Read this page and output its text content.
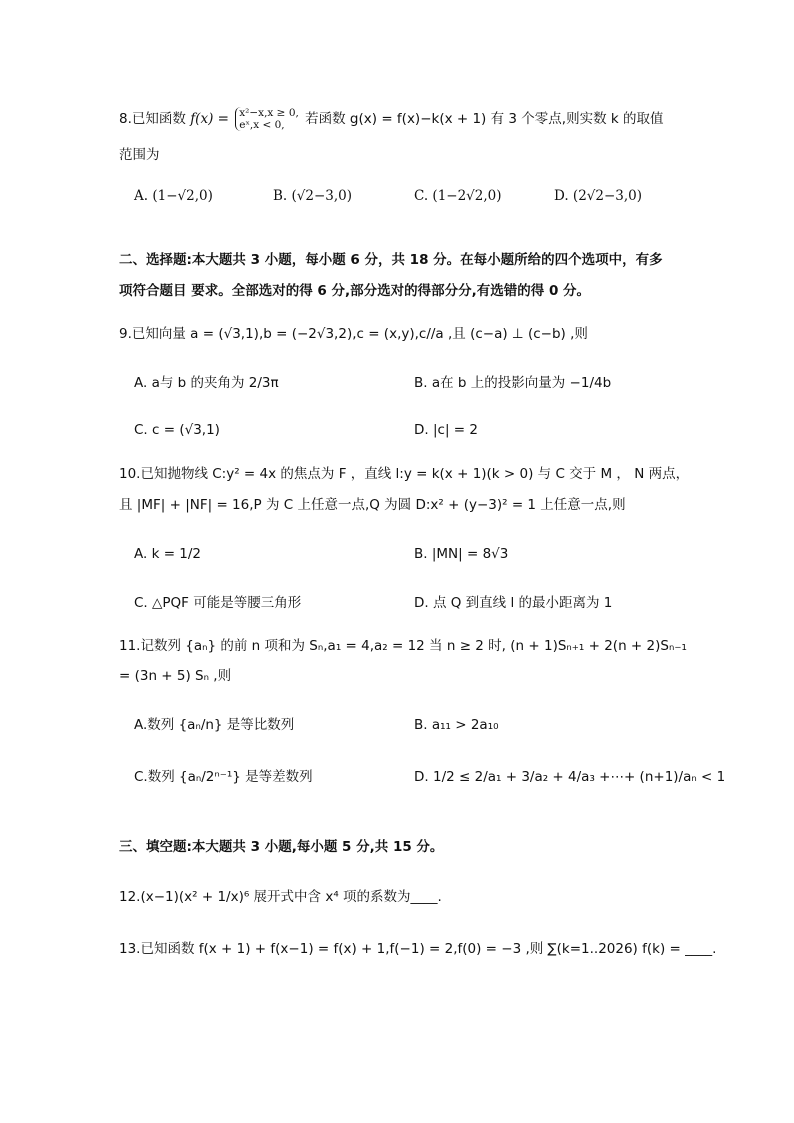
8.已知函数 f(x) = x²−x,x ≥ 0,
eˣ,x < 0,	若函数 g(x) = f(x)−k(x + 1) 有 3 个零点,则实数 k 的取值
范围为
A. (1−√2,0)	B. (√2−3,0)	C. (1−2√2,0)	D. (2√2−3,0)
二、选择题:本大题共 3 小题，每小题 6 分，共 18 分。在每小题所给的四个选项中，有多
项符合题目 要求。全部选对的得 6 分,部分选对的得部分分,有选错的得 0 分。
9.已知向量 a = (√3,1),b = (−2√3,2),c = (x,y),c//a ,且 (c−a) ⊥ (c−b) ,则
A. a与 b 的夹角为 2/3π	B. a在 b 上的投影向量为 −1/4b
C. c = (√3,1)	D. |c| = 2
10.已知抛物线 C:y² = 4x 的焦点为 F ，直线 l:y = k(x + 1)(k > 0) 与 C 交于 M ， N 两点，
且 |MF| + |NF| = 16,P 为 C 上任意一点,Q 为圆 D:x² + (y−3)² = 1 上任意一点,则
A. k = 1/2	B. |MN| = 8√3
C. △PQF 可能是等腰三角形	D. 点 Q 到直线 l 的最小距离为 1
11.记数列 {aₙ} 的前 n 项和为 Sₙ,a₁ = 4,a₂ = 12 当 n ≥ 2 时, (n + 1)Sₙ₊₁ + 2(n + 2)Sₙ₋₁
= (3n + 5) Sₙ ,则
A.数列 {aₙ/n} 是等比数列	B. a₁₁ > 2a₁₀
C.数列 {aₙ/2ⁿ⁻¹} 是等差数列	D. 1/2 ≤ 2/a₁ + 3/a₂ + 4/a₃ +⋯+ (n+1)/aₙ < 1
三、填空题:本大题共 3 小题,每小题 5 分,共 15 分。
12.(x−1)(x² + 1/x)⁶ 展开式中含 x⁴ 项的系数为____.
13.已知函数 f(x + 1) + f(x−1) = f(x) + 1,f(−1) = 2,f(0) = −3 ,则 ∑(k=1..2026) f(k) = ____.
